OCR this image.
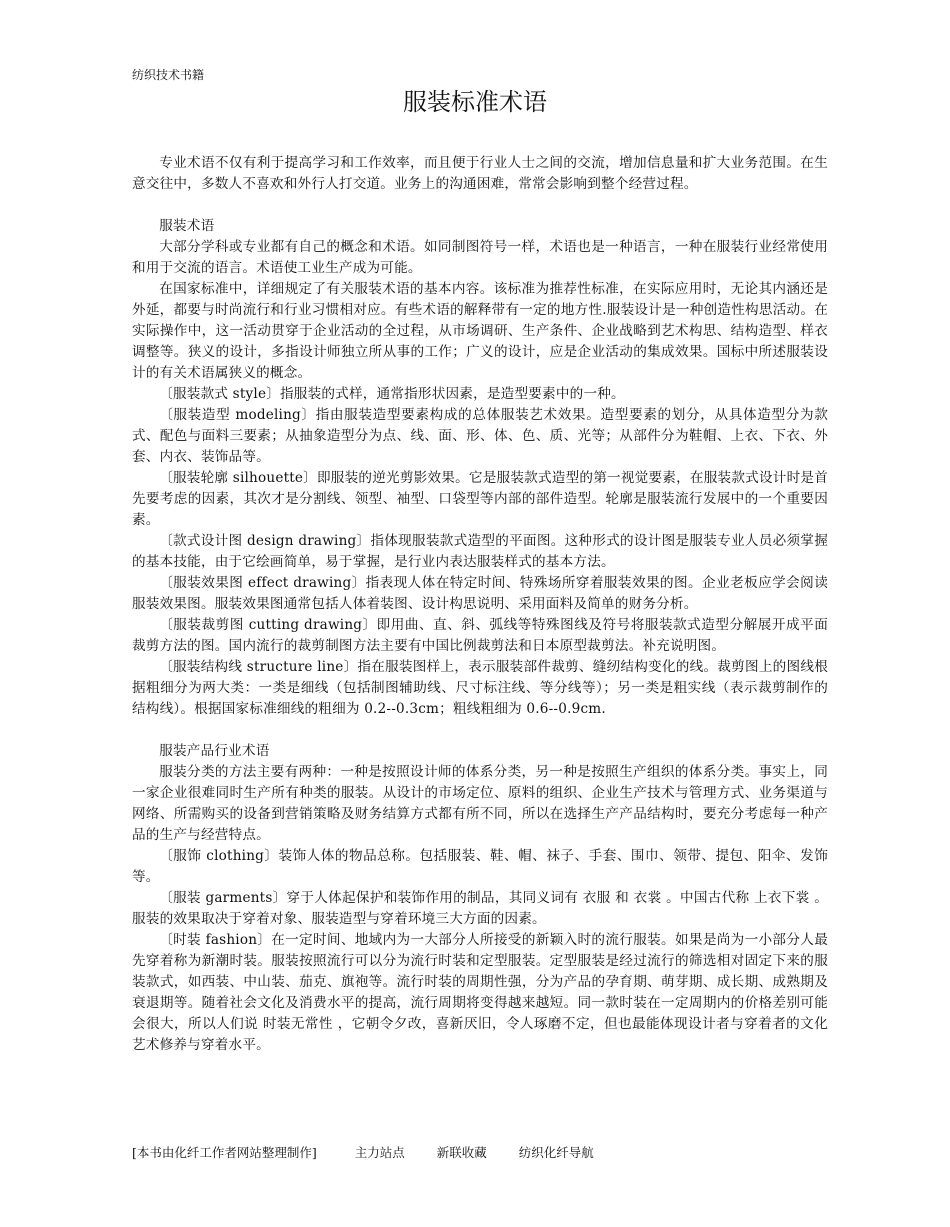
纺织技术书籍
服装标准术语

专业术语不仅有利于提高学习和工作效率，而且便于行业人士之间的交流，增加信息量和扩大业务范围。在生意交往中，多数人不喜欢和外行人打交道。业务上的沟通困难，常常会影响到整个经营过程。

服装术语

大部分学科或专业都有自己的概念和术语。如同制图符号一样，术语也是一种语言，一种在服装行业经常使用和用于交流的语言。术语使工业生产成为可能。

在国家标准中，详细规定了有关服装术语的基本内容。该标准为推荐性标准，在实际应用时，无论其内涵还是外延，都要与时尚流行和行业习惯相对应。有些术语的解释带有一定的地方性.服装设计是一种创造性构思活动。在实际操作中，这一活动贯穿于企业活动的全过程，从市场调研、生产条件、企业战略到艺术构思、结构造型、样衣调整等。狭义的设计，多指设计师独立所从事的工作；广义的设计，应是企业活动的集成效果。国标中所述服装设计的有关术语属狭义的概念。

〔服装款式 style〕指服装的式样，通常指形状因素，是造型要素中的一种。

〔服装造型 modeling〕指由服装造型要素构成的总体服装艺术效果。造型要素的划分，从具体造型分为款式、配色与面料三要素；从抽象造型分为点、线、面、形、体、色、质、光等；从部件分为鞋帽、上衣、下衣、外套、内衣、装饰品等。

〔服装轮廓 silhouette〕即服装的逆光剪影效果。它是服装款式造型的第一视觉要素，在服装款式设计时是首先要考虑的因素，其次才是分割线、领型、袖型、口袋型等内部的部件造型。轮廓是服装流行发展中的一个重要因素。

〔款式设计图 design drawing〕指体现服装款式造型的平面图。这种形式的设计图是服装专业人员必须掌握的基本技能，由于它绘画简单，易于掌握，是行业内表达服装样式的基本方法。

〔服装效果图 effect drawing〕指表现人体在特定时间、特殊场所穿着服装效果的图。企业老板应学会阅读服装效果图。服装效果图通常包括人体着装图、设计构思说明、采用面料及简单的财务分析。

〔服装裁剪图 cutting drawing〕即用曲、直、斜、弧线等特殊图线及符号将服装款式造型分解展开成平面裁剪方法的图。国内流行的裁剪制图方法主要有中国比例裁剪法和日本原型裁剪法。补充说明图。

〔服装结构线 structure line〕指在服装图样上，表示服装部件裁剪、缝纫结构变化的线。裁剪图上的图线根据粗细分为两大类：一类是细线（包括制图辅助线、尺寸标注线、等分线等）；另一类是粗实线（表示裁剪制作的结构线）。根据国家标准细线的粗细为 0.2--0.3cm；粗线粗细为 0.6--0.9cm.

服装产品行业术语

服装分类的方法主要有两种：一种是按照设计师的体系分类，另一种是按照生产组织的体系分类。事实上，同一家企业很难同时生产所有种类的服装。从设计的市场定位、原料的组织、企业生产技术与管理方式、业务渠道与网络、所需购买的设备到营销策略及财务结算方式都有所不同，所以在选择生产产品结构时，要充分考虑每一种产品的生产与经营特点。

〔服饰 clothing〕装饰人体的物品总称。包括服装、鞋、帽、袜子、手套、围巾、领带、提包、阳伞、发饰等。

〔服装 garments〕穿于人体起保护和装饰作用的制品，其同义词有 衣服 和 衣裳 。中国古代称 上衣下裳 。服装的效果取决于穿着对象、服装造型与穿着环境三大方面的因素。

〔时装 fashion〕在一定时间、地域内为一大部分人所接受的新颖入时的流行服装。如果是尚为一小部分人最先穿着称为新潮时装。服装按照流行可以分为流行时装和定型服装。定型服装是经过流行的筛选相对固定下来的服装款式，如西装、中山装、茄克、旗袍等。流行时装的周期性强，分为产品的孕育期、萌芽期、成长期、成熟期及衰退期等。随着社会文化及消费水平的提高，流行周期将变得越来越短。同一款时装在一定周期内的价格差别可能会很大，所以人们说 时装无常性 ，它朝令夕改，喜新厌旧，令人琢磨不定，但也最能体现设计者与穿着者的文化艺术修养与穿着水平。

[本书由化纤工作者网站整理制作]	主力站点	新联收藏	纺织化纤导航
